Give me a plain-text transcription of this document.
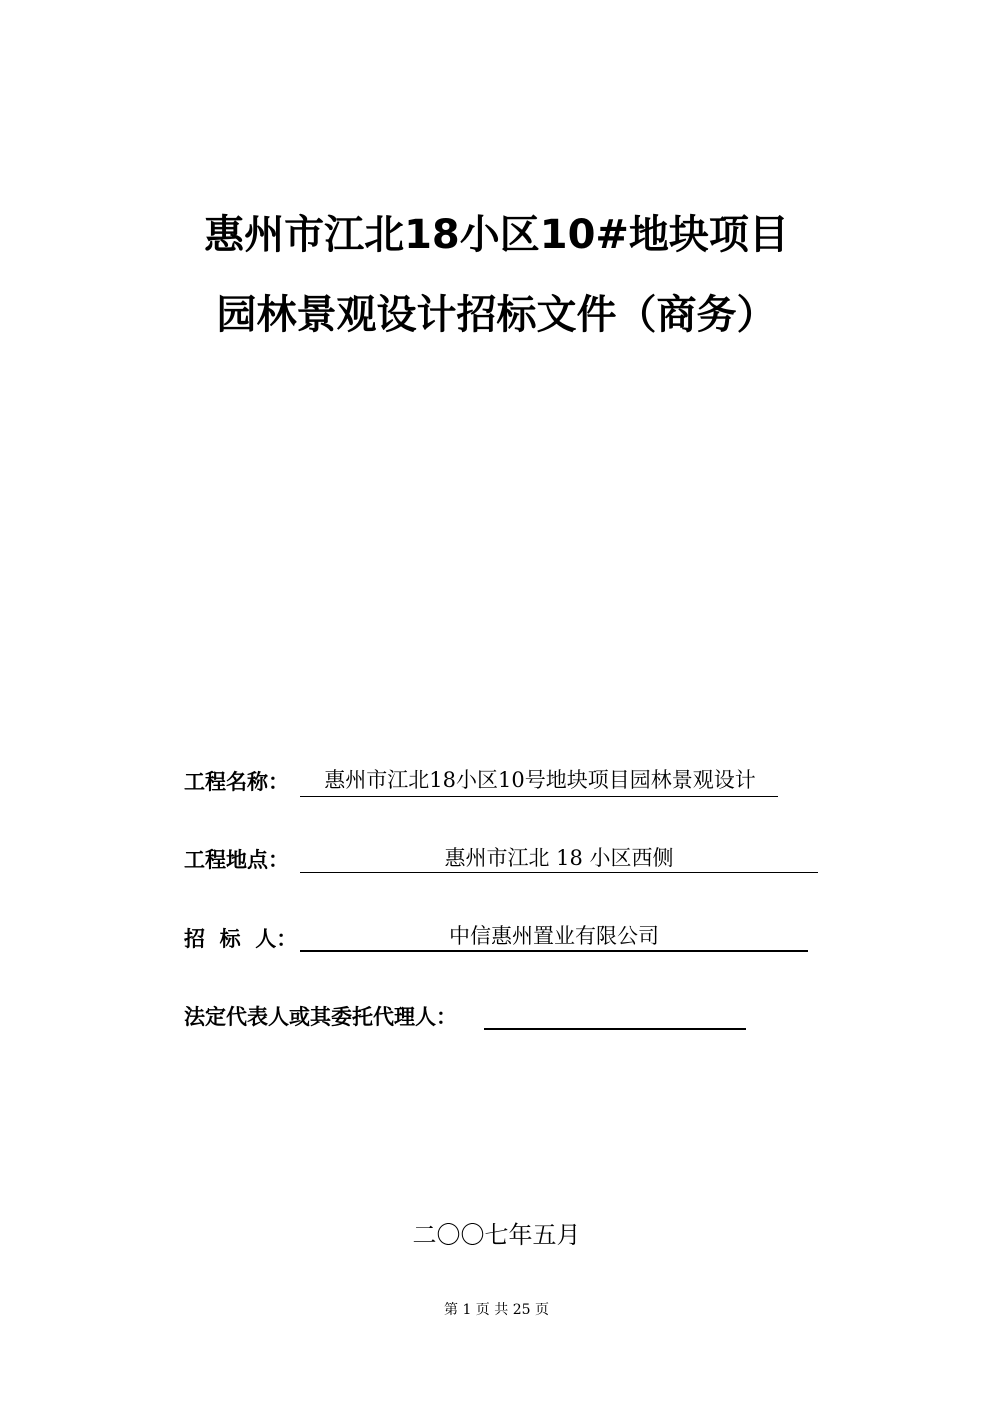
惠州市江北18小区10#地块项目
园林景观设计招标文件（商务）
工程名称：	惠州市江北18小区10号地块项目园林景观设计
工程地点：	惠州市江北 18 小区西侧
招  标  人：	中信惠州置业有限公司
法定代表人或其委托代理人：
二〇〇七年五月
第 1 页 共 25 页
